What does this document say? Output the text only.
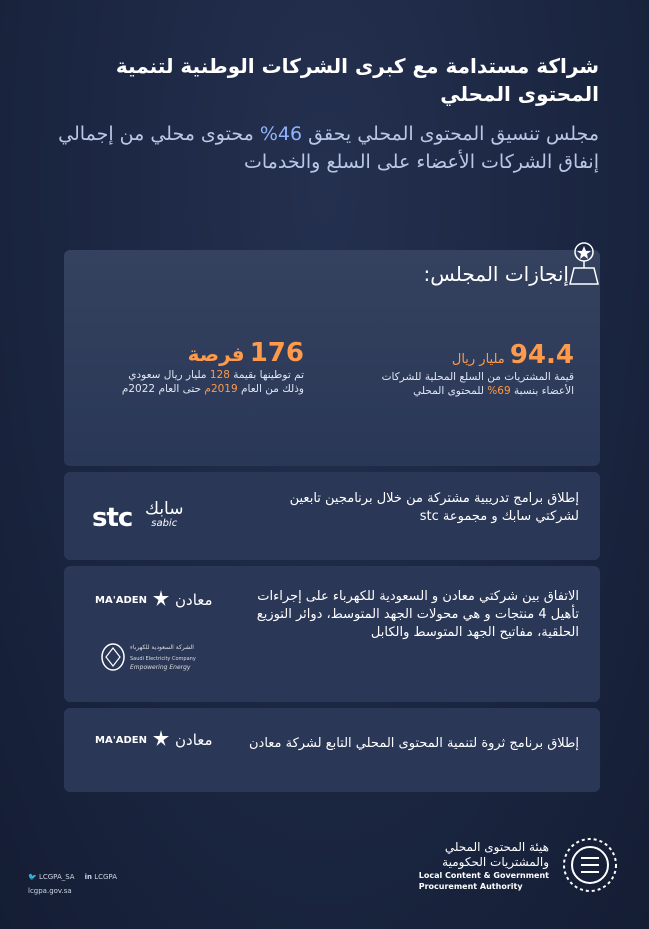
شراكة مستدامة مع كبرى الشركات الوطنية لتنمية المحتوى المحلي
مجلس تنسيق المحتوى المحلي يحقق 46% محتوى محلي من إجمالي إنفاق الشركات الأعضاء على السلع والخدمات
إنجازات المجلس:
94.4 مليار ريال
قيمة المشتريات من السلع المحلية للشركات الأعضاء بنسبة 69% للمحتوى المحلي
176 فرصة
تم توطينها بقيمة 128 مليار ريال سعودي وذلك من العام 2019م حتى العام 2022م
إطلاق برامج تدريبية مشتركة من خلال برنامجين تابعين لشركتي سابك و مجموعة stc
stc سابك
sabic
الاتفاق بين شركتي معادن و السعودية للكهرباء على إجراءات تأهيل 4 منتجات و هي محولات الجهد المتوسط، دوائر التوزيع الحلقية، مفاتيح الجهد المتوسط والكابل
MA'ADEN معادن
الشركة السعودية للكهرباء
Saudi Electricity Company
Empowering Energy
إطلاق برنامج ثروة لتنمية المحتوى المحلي التابع لشركة معادن
MA'ADEN معادن
🐦 LCGPA_SA in LCGPA
lcgpa.gov.sa
هيئة المحتوى المحلي
والمشتريات الحكومية
Local Content & Government
Procurement Authority
